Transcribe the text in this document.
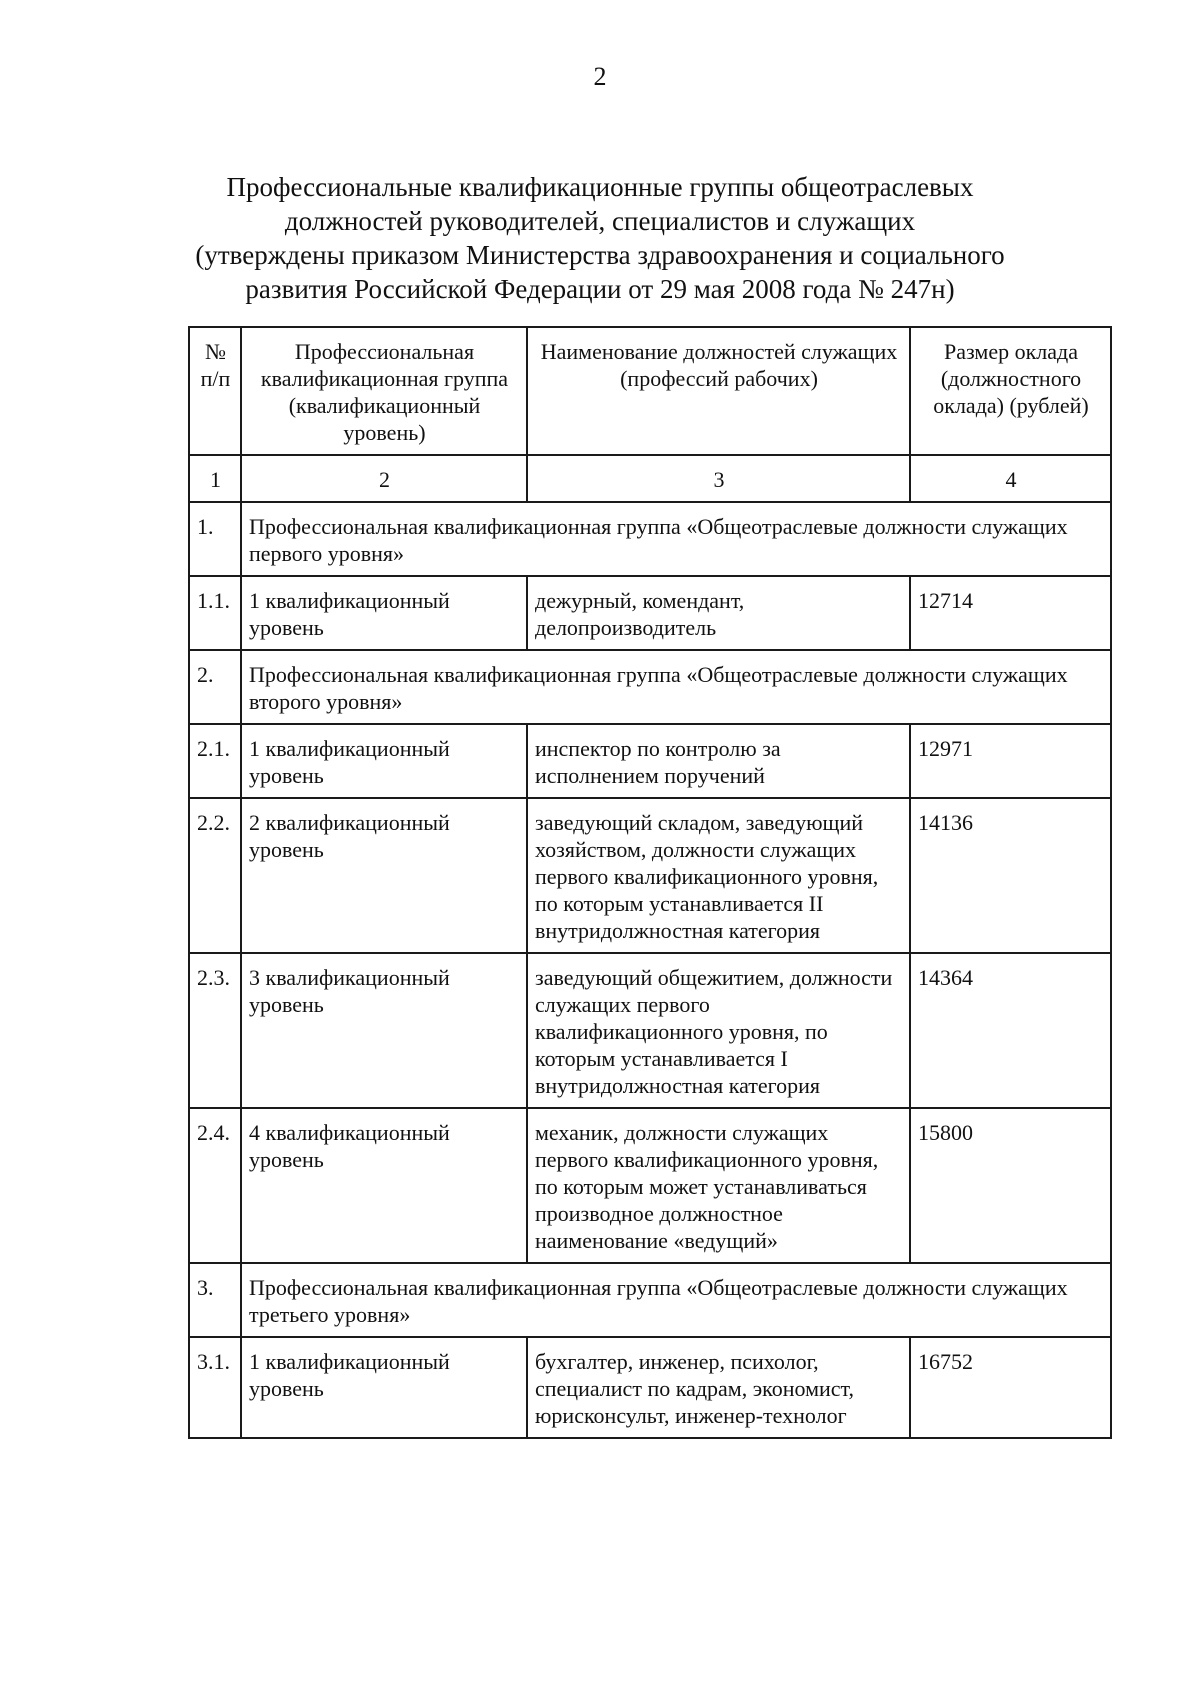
2
Профессиональные квалификационные группы общеотраслевых
должностей руководителей, специалистов и служащих
(утверждены приказом Министерства здравоохранения и социального
развития Российской Федерации от 29 мая 2008 года № 247н)
№ п/п	Профессиональная квалификационная группа (квалификационный уровень)	Наименование должностей служащих (профессий рабочих)	Размер оклада (должностного оклада) (рублей)
1	2	3	4
1.	Профессиональная квалификационная группа «Общеотраслевые должности служащих первого уровня»		
1.1.	1 квалификационный уровень	дежурный, комендант, делопроизводитель	12714
2.	Профессиональная квалификационная группа «Общеотраслевые должности служащих второго уровня»		
2.1.	1 квалификационный уровень	инспектор по контролю за исполнением поручений	12971
2.2.	2 квалификационный уровень	заведующий складом, заведующий хозяйством, должности служащих первого квалификационного уровня, по которым устанавливается II внутридолжностная категория	14136
2.3.	3 квалификационный уровень	заведующий общежитием, должности служащих первого квалификационного уровня, по которым устанавливается I внутридолжностная категория	14364
2.4.	4 квалификационный уровень	механик, должности служащих первого квалификационного уровня, по которым может устанавливаться производное должностное наименование «ведущий»	15800
3.	Профессиональная квалификационная группа «Общеотраслевые должности служащих третьего уровня»		
3.1.	1 квалификационный уровень	бухгалтер, инженер, психолог, специалист по кадрам, экономист, юрисконсульт, инженер-технолог	16752
